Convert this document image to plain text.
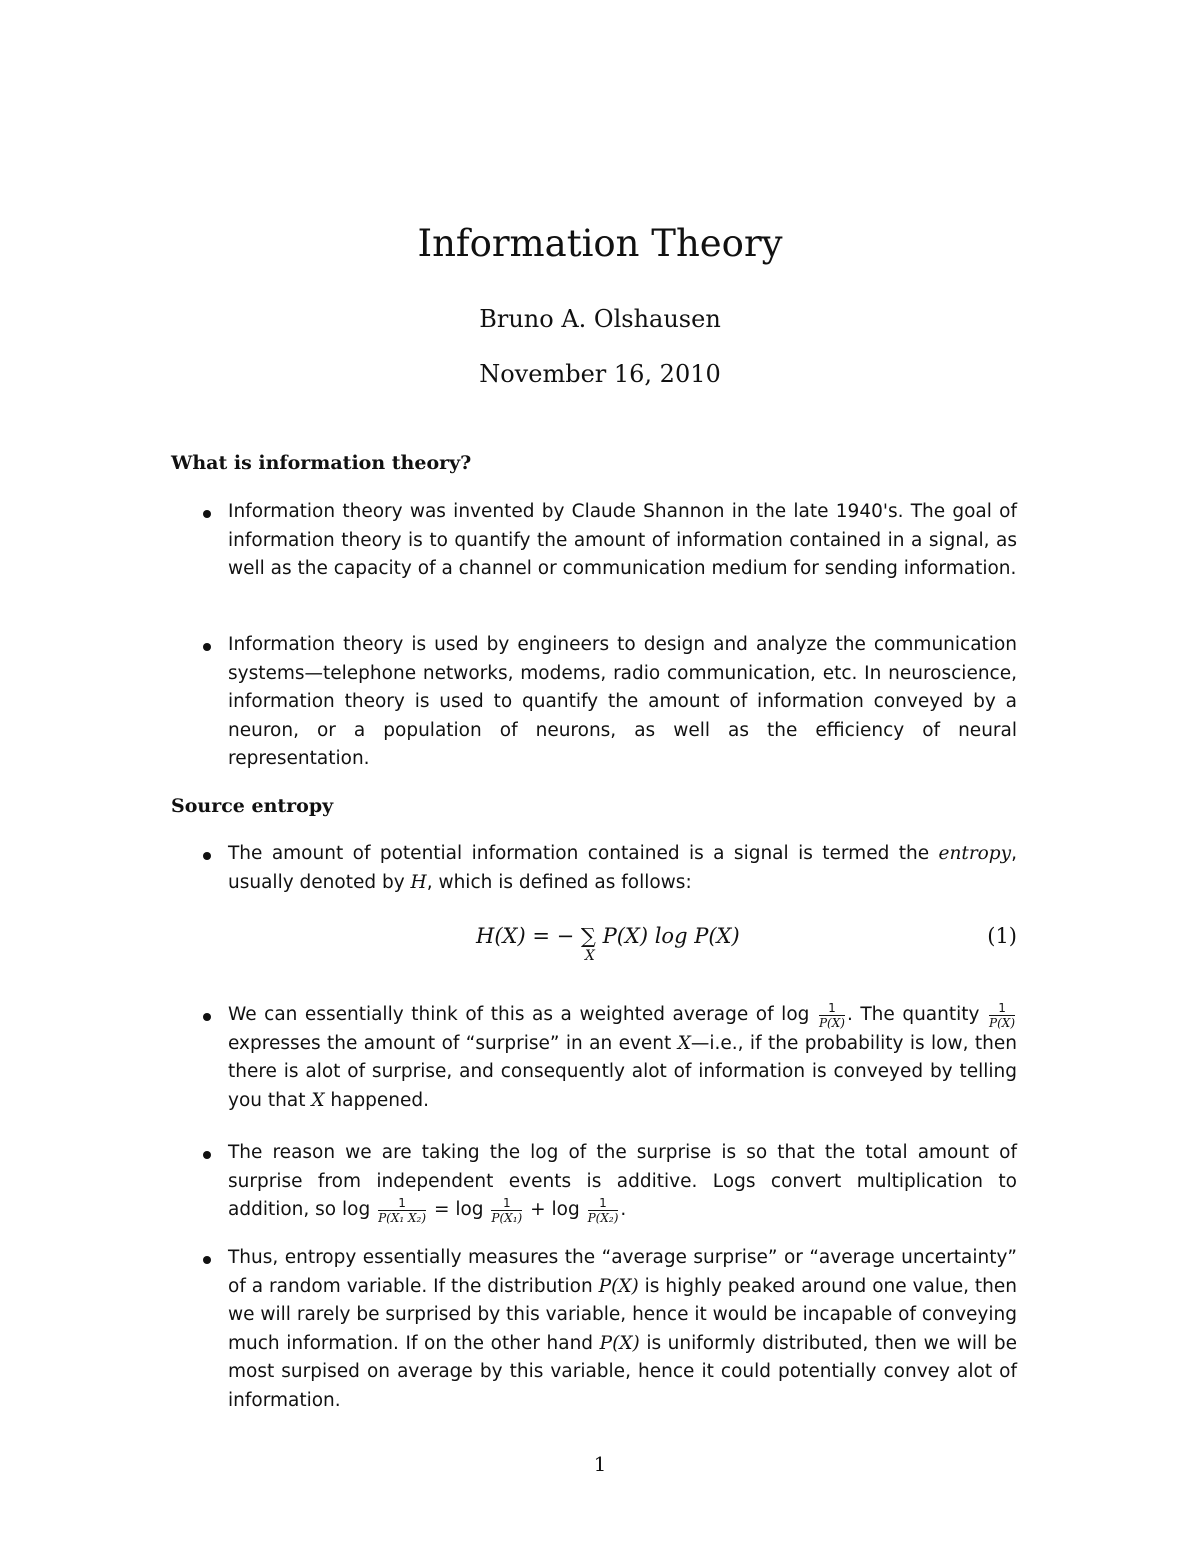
Information Theory
Bruno A. Olshausen
November 16, 2010
What is information theory?

Information theory was invented by Claude Shannon in the late 1940's. The goal of information theory is to quantify the amount of information contained in a signal, as well as the capacity of a channel or communication medium for sending information.

Information theory is used by engineers to design and analyze the communication systems—telephone networks, modems, radio communication, etc. In neuroscience, information theory is used to quantify the amount of information conveyed by a neuron, or a population of neurons, as well as the efficiency of neural representation.

Source entropy

The amount of potential information contained is a signal is termed the entropy, usually denoted by H, which is defined as follows:

H(X) = − ∑
X
P(X) log P(X)	(1)

We can essentially think of this as a weighted average of $\log \frac{1}{P(X)}$ . The quantity $\frac{1}{P(X)}$
expresses the amount of “surprise” in an event X—i.e., if the probability is low, then there is alot of surprise, and consequently alot of information is conveyed by telling you that X happened.

The reason we are taking the log of the surprise is so that the total amount of surprise from independent events is additive. Logs convert multiplication to addition, so $\log \frac{1}{\text{P(X₁ X₂)}} = \log \frac{1}{\text{P(X₁)}} + \log \frac{1}{\text{P(X₂)}}$ .

Thus, entropy essentially measures the “average surprise” or “average uncertainty” of a random variable. If the distribution P(X) is highly peaked around one value, then we will rarely be surprised by this variable, hence it would be incapable of conveying much information. If on the other hand P(X) is uniformly distributed, then we will be most surpised on average by this variable, hence it could potentially convey alot of information.

1
